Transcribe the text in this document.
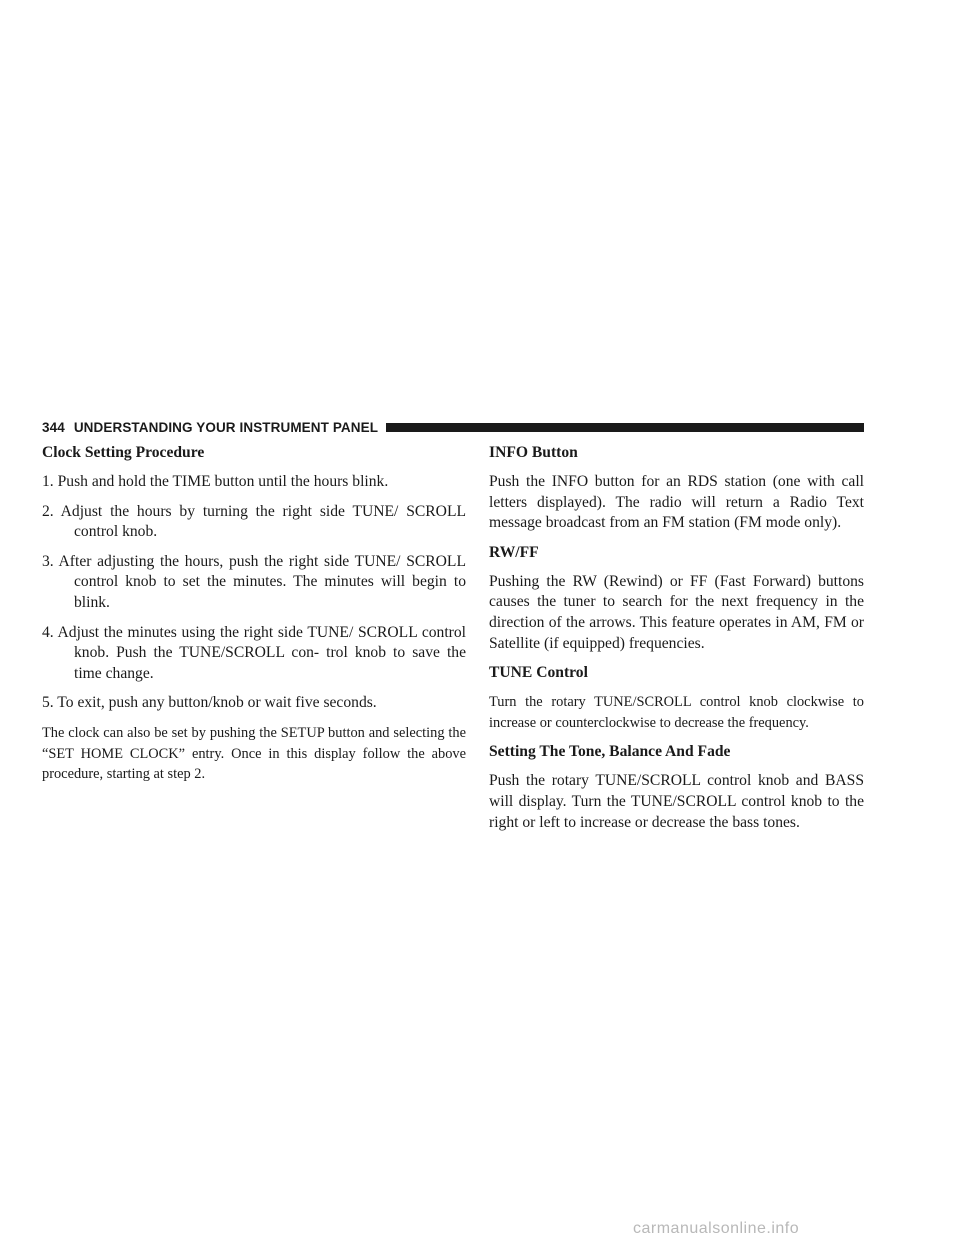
344 UNDERSTANDING YOUR INSTRUMENT PANEL
Clock Setting Procedure
1. Push and hold the TIME button until the hours blink.
2. Adjust the hours by turning the right side TUNE/ SCROLL control knob.
3. After adjusting the hours, push the right side TUNE/ SCROLL control knob to set the minutes. The minutes will begin to blink.
4. Adjust the minutes using the right side TUNE/ SCROLL control knob. Push the TUNE/SCROLL con- trol knob to save the time change.
5. To exit, push any button/knob or wait five seconds.

The clock can also be set by pushing the SETUP button and selecting the “SET HOME CLOCK” entry. Once in this display follow the above procedure, starting at step 2.

INFO Button

Push the INFO button for an RDS station (one with call letters displayed). The radio will return a Radio Text message broadcast from an FM station (FM mode only).

RW/FF

Pushing the RW (Rewind) or FF (Fast Forward) buttons causes the tuner to search for the next frequency in the direction of the arrows. This feature operates in AM, FM or Satellite (if equipped) frequencies.

TUNE Control

Turn the rotary TUNE/SCROLL control knob clockwise to increase or counterclockwise to decrease the frequency.

Setting The Tone, Balance And Fade

Push the rotary TUNE/SCROLL control knob and BASS will display. Turn the TUNE/SCROLL control knob to the right or left to increase or decrease the bass tones.

carmanualsonline.info
